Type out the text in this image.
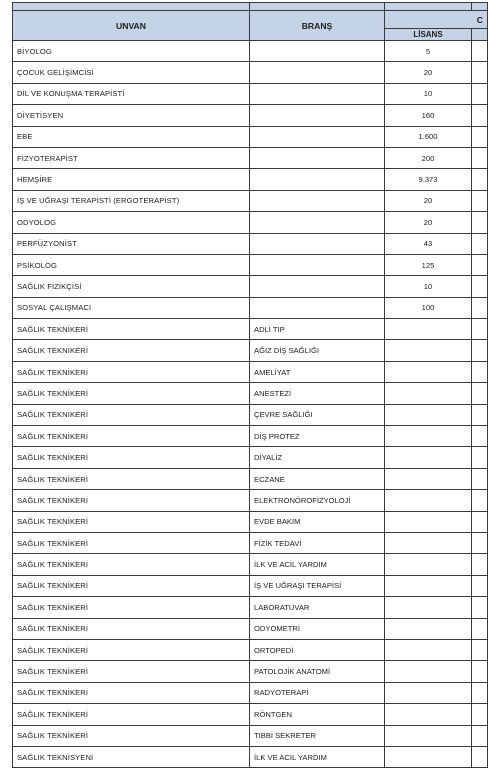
UNVAN	BRANŞ	C	
		LİSANS	
BİYOLOG		5	
ÇOCUK GELİŞİMCİSİ		20	
DİL VE KONUŞMA TERAPİSTİ		10	
DİYETİSYEN		160	
EBE		1.600	
FİZYOTERAPİST		200	
HEMŞİRE		9.373	
İŞ VE UĞRAŞI TERAPİSTİ (ERGOTERAPİST)		20	
ODYOLOG		20	
PERFÜZYONİST		43	
PSİKOLOG		125	
SAĞLIK FİZİKÇİSİ		10	
SOSYAL ÇALIŞMACI		100	
SAĞLIK TEKNİKERİ	ADLİ TIP		
SAĞLIK TEKNİKERİ	AĞIZ DİŞ SAĞLIĞI		
SAĞLIK TEKNİKERİ	AMELİYAT		
SAĞLIK TEKNİKERİ	ANESTEZİ		
SAĞLIK TEKNİKERİ	ÇEVRE SAĞLIĞI		
SAĞLIK TEKNİKERİ	DİŞ PROTEZ		
SAĞLIK TEKNİKERİ	DİYALİZ		
SAĞLIK TEKNİKERİ	ECZANE		
SAĞLIK TEKNİKERİ	ELEKTRONÖROFİZYOLOJİ		
SAĞLIK TEKNİKERİ	EVDE BAKIM		
SAĞLIK TEKNİKERİ	FİZİK TEDAVİ		
SAĞLIK TEKNİKERİ	İLK VE ACİL YARDIM		
SAĞLIK TEKNİKERİ	İŞ VE UĞRAŞI TERAPİSİ		
SAĞLIK TEKNİKERİ	LABORATUVAR		
SAĞLIK TEKNİKERİ	ODYOMETRİ		
SAĞLIK TEKNİKERİ	ORTOPEDİ		
SAĞLIK TEKNİKERİ	PATOLOJİK ANATOMİ		
SAĞLIK TEKNİKERİ	RADYOTERAPİ		
SAĞLIK TEKNİKERİ	RÖNTGEN		
SAĞLIK TEKNİKERİ	TIBBİ SEKRETER		
SAĞLIK TEKNİSYENİ	İLK VE ACİL YARDIM		
